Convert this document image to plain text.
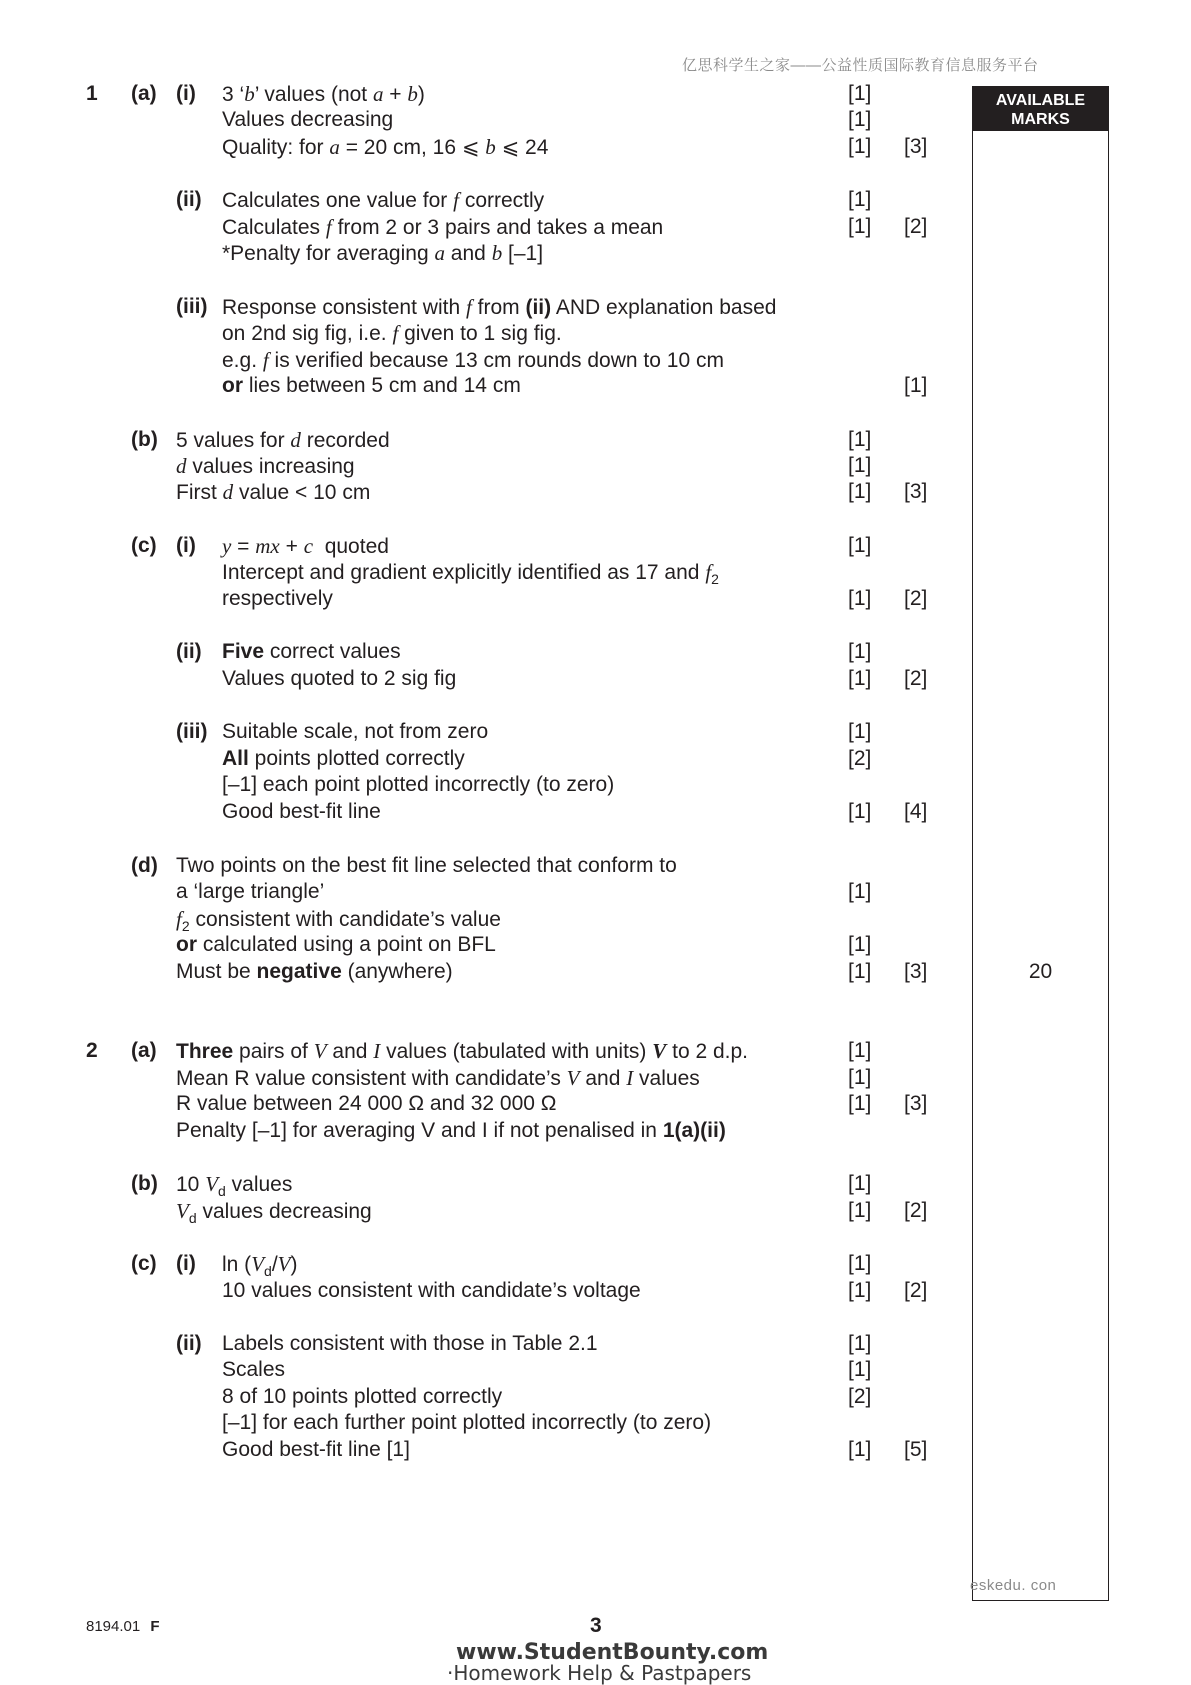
亿思科学生之家——公益性质国际教育信息服务平台
AVAILABLE MARKS
1 (a) (i) 3 ‘b’ values (not a + b)	[1]
Values decreasing	[1]
Quality: for a = 20 cm, 16 ⩽ b ⩽ 24	[1] [3]
(ii) Calculates one value for f correctly	[1]
Calculates f from 2 or 3 pairs and takes a mean	[1] [2]
*Penalty for averaging a and b [–1]
(iii) Response consistent with f from (ii) AND explanation based
on 2nd sig fig, i.e. f given to 1 sig fig.
e.g. f is verified because 13 cm rounds down to 10 cm
or lies between 5 cm and 14 cm	[1]
(b) 5 values for d recorded	[1]
d values increasing	[1]
First d value < 10 cm	[1] [3]
(c) (i) y = mx + c  quoted	[1]
Intercept and gradient explicitly identified as 17 and $f_2$
respectively	[1] [2]
(ii) Five correct values	[1]
Values quoted to 2 sig fig	[1] [2]
(iii) Suitable scale, not from zero	[1]
All points plotted correctly	[2]
[–1] each point plotted incorrectly (to zero)
Good best-fit line	[1] [4]
(d) Two points on the best fit line selected that conform to
a ‘large triangle’	[1]
$f_2$ consistent with candidate’s value
or calculated using a point on BFL	[1]
Must be negative (anywhere)	[1] [3]	20
2 (a) Three pairs of V and I values (tabulated with units) V to 2 d.p.	[1]
Mean R value consistent with candidate’s V and I values	[1]
R value between 24 000 Ω and 32 000 Ω	[1] [3]
Penalty [–1] for averaging V and I if not penalised in 1(a)(ii)
(b) 10 $V_d$ values	[1]
$V_d$ values decreasing	[1] [2]
(c) (i) $\ln (V_d/V)$	[1]
10 values consistent with candidate’s voltage	[1] [2]
(ii) Labels consistent with those in Table 2.1	[1]
Scales	[1]
8 of 10 points plotted correctly	[2]
[–1] for each further point plotted incorrectly (to zero)
Good best-fit line [1]	[1] [5]
eskedu. con
8194.01 F	3
www.StudentBounty.com
·Homework Help & Pastpapers
